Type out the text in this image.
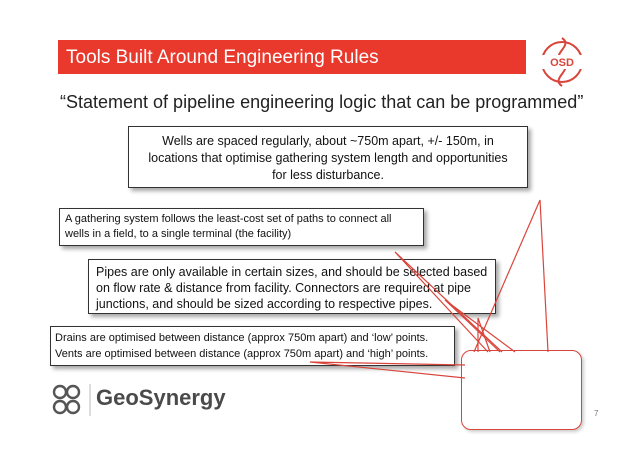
Tools Built Around Engineering Rules	OSD
“Statement of pipeline engineering logic that can be programmed”
Wells are spaced regularly, about ~750m apart, +/- 150m, in locations that optimise gathering system length and opportunities for less disturbance.
A gathering system follows the least-cost set of paths to connect all wells in a field, to a single terminal (the facility)
Pipes are only available in certain sizes, and should be selected based on flow rate & distance from facility. Connectors are required at pipe junctions, and should be sized according to respective pipes.
Drains are optimised between distance (approx 750m apart) and ‘low’ points. Vents are optimised between distance (approx 750m apart) and ‘high’ points.
GeoSynergy
7
